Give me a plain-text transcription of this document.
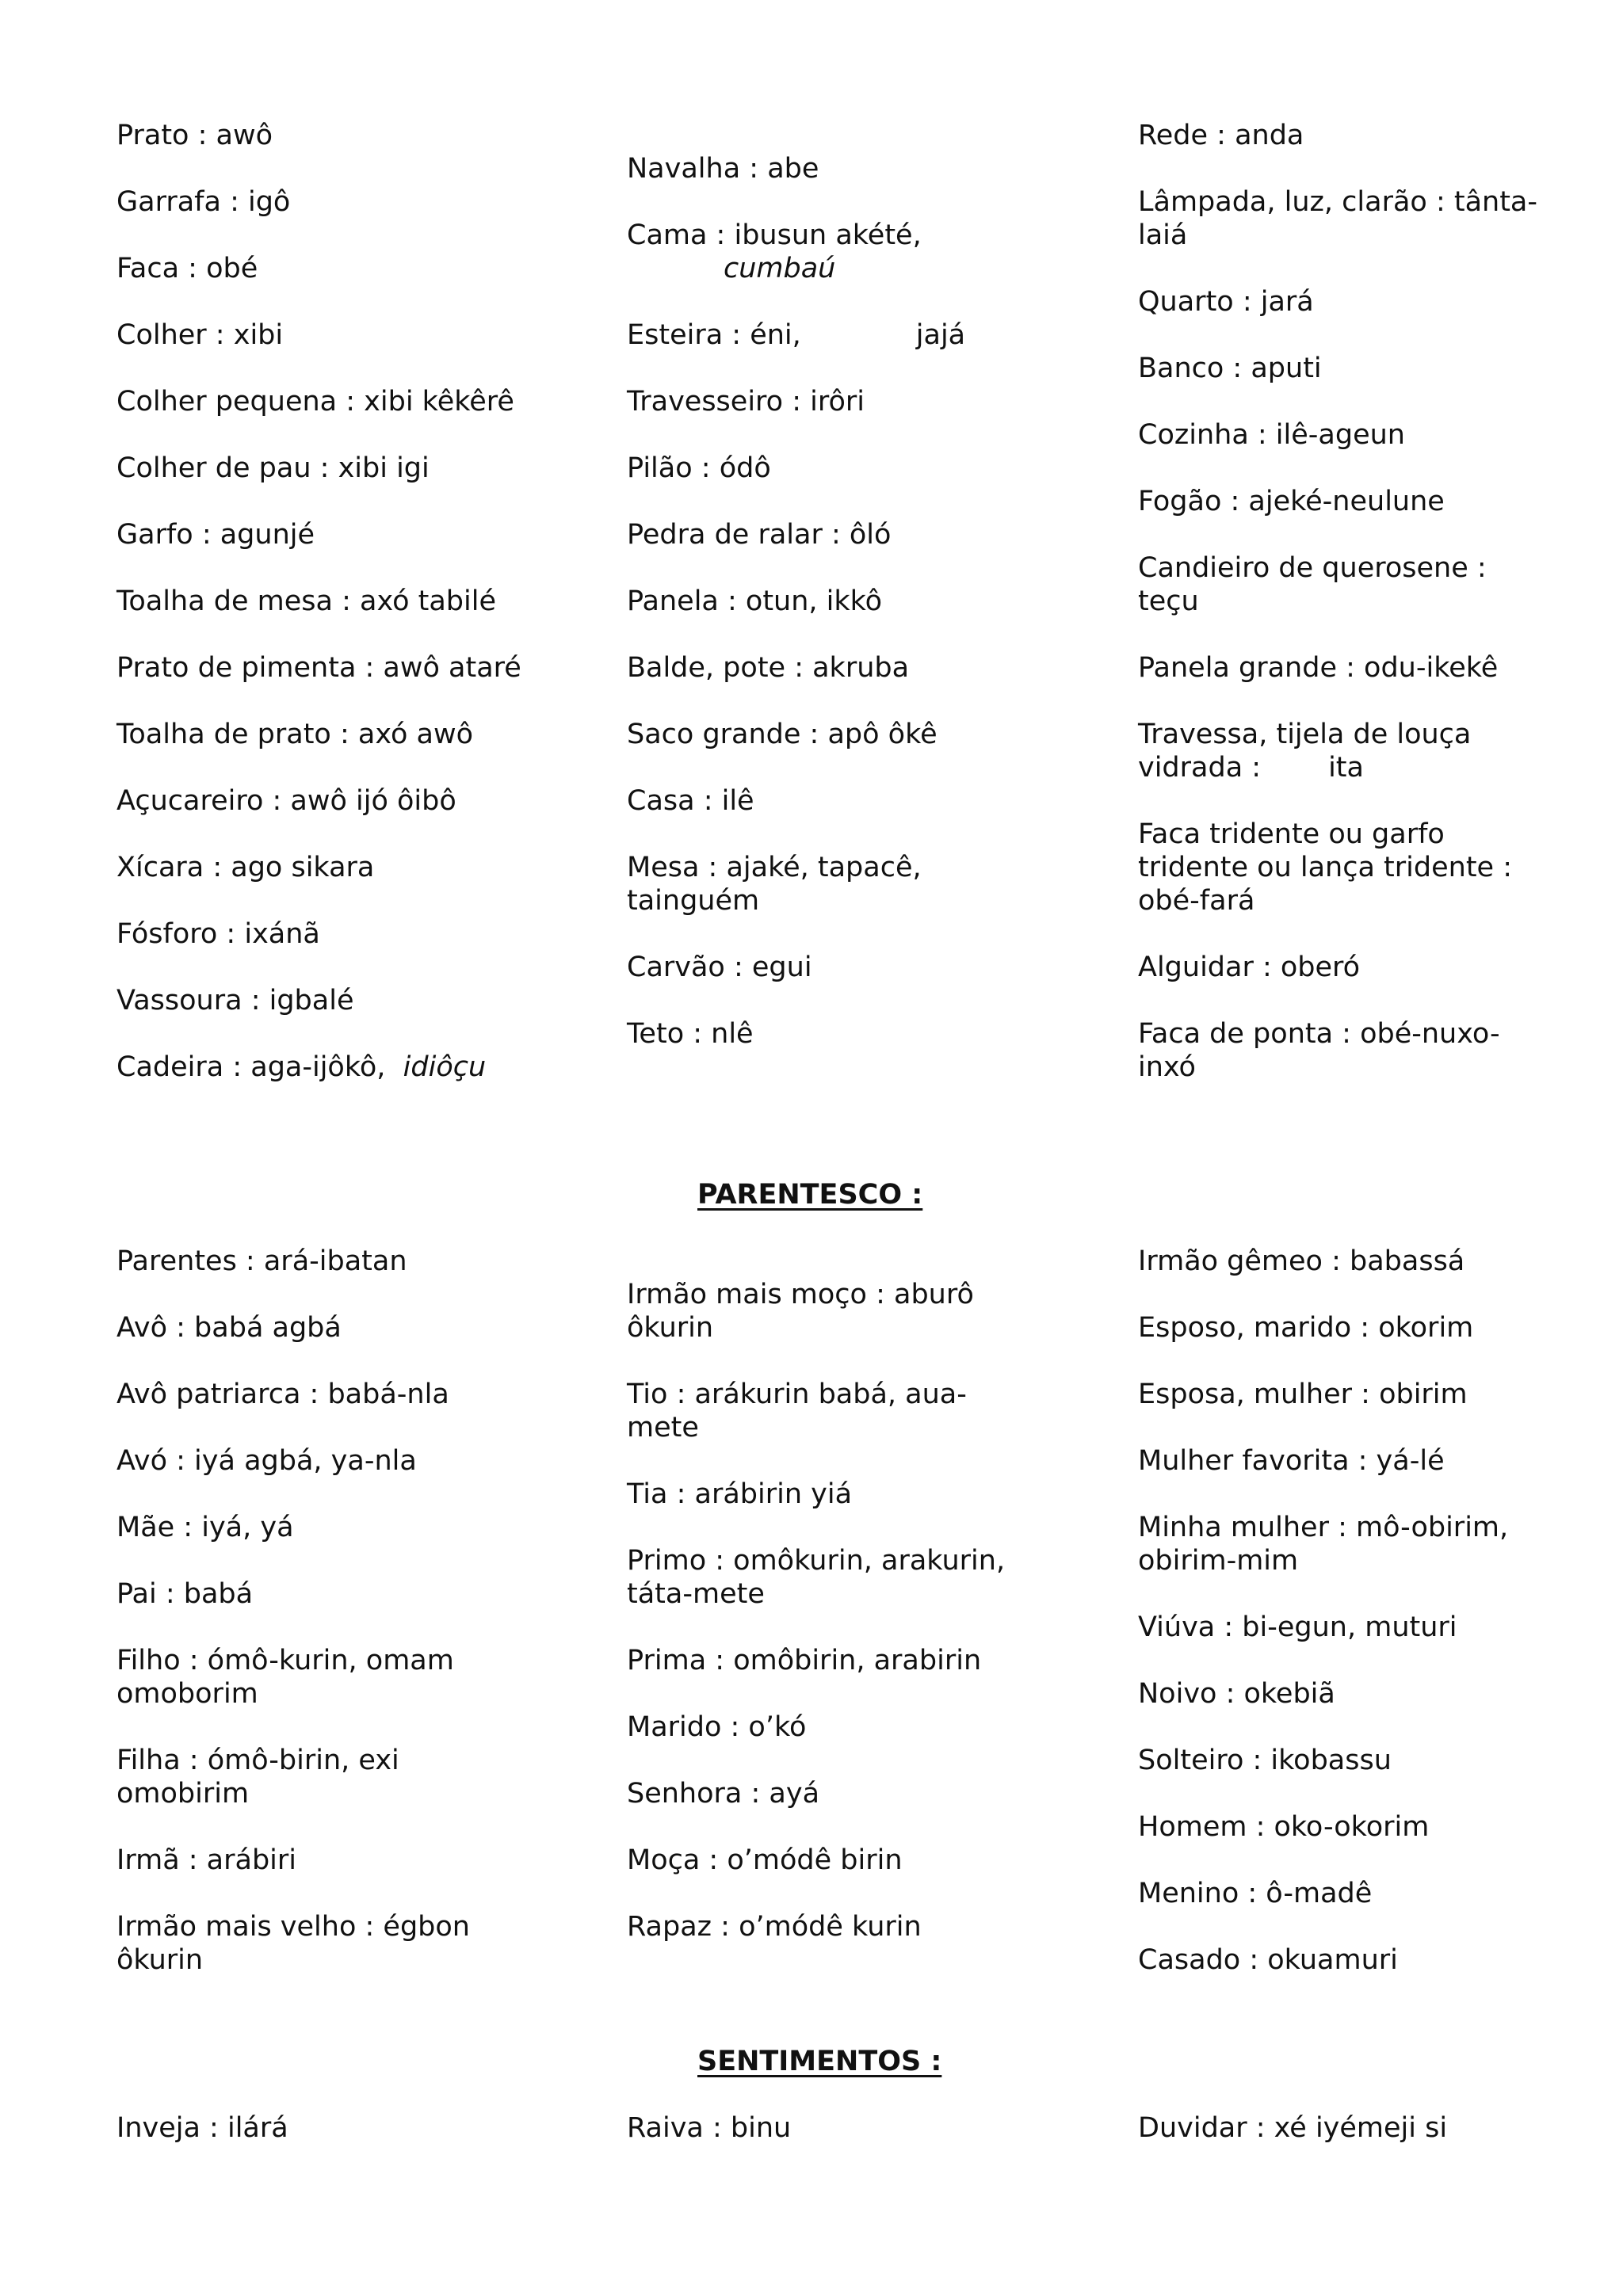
Prato : awô
Garrafa : igô
Faca : obé
Colher : xibi
Colher pequena : xibi kêkêrê
Colher de pau : xibi igi
Garfo : agunjé
Toalha de mesa : axó tabilé
Prato de pimenta : awô ataré
Toalha de prato : axó awô
Açucareiro : awô ijó ôibô
Xícara : ago sikara
Fósforo : ixánã
Vassoura : igbalé
Cadeira : aga-ijôkô, idiôçu
Navalha : abe
Cama : ibusun akété,
cumbaú
Esteira : éni,	jajá
Travesseiro : irôri
Pilão : ódô
Pedra de ralar : ôló
Panela : otun, ikkô
Balde, pote : akruba
Saco grande : apô ôkê
Casa : ilê
Mesa : ajaké, tapacê,
tainguém
Carvão : egui
Teto : nlê
Rede : anda
Lâmpada, luz, clarão : tânta-
laiá
Quarto : jará
Banco : aputi
Cozinha : ilê-ageun
Fogão : ajeké-neulune
Candieiro de querosene :
teçu
Panela grande : odu-ikekê
Travessa, tijela de louça
vidrada : ita
Faca tridente ou garfo
tridente ou lança tridente :
obé-fará
Alguidar : oberó
Faca de ponta : obé-nuxo-
inxó
PARENTESCO :
Parentes : ará-ibatan
Avô : babá agbá
Avô patriarca : babá-nla
Avó : iyá agbá, ya-nla
Mãe : iyá, yá
Pai : babá
Filho : ómô-kurin, omam
omoborim
Filha : ómô-birin, exi
omobirim
Irmã : arábiri
Irmão mais velho : égbon
ôkurin
Irmão mais moço : aburô
ôkurin
Tio : arákurin babá, aua-
mete
Tia : arábirin yiá
Primo : omôkurin, arakurin,
táta-mete
Prima : omôbirin, arabirin
Marido : o’kó
Senhora : ayá
Moça : o’módê birin
Rapaz : o’módê kurin
Irmão gêmeo : babassá
Esposo, marido : okorim
Esposa, mulher : obirim
Mulher favorita : yá-lé
Minha mulher : mô-obirim,
obirim-mim
Viúva : bi-egun, muturi
Noivo : okebiã
Solteiro : ikobassu
Homem : oko-okorim
Menino : ô-madê
Casado : okuamuri
SENTIMENTOS :
Inveja : ilárá	Raiva : binu	Duvidar : xé iyémeji si
